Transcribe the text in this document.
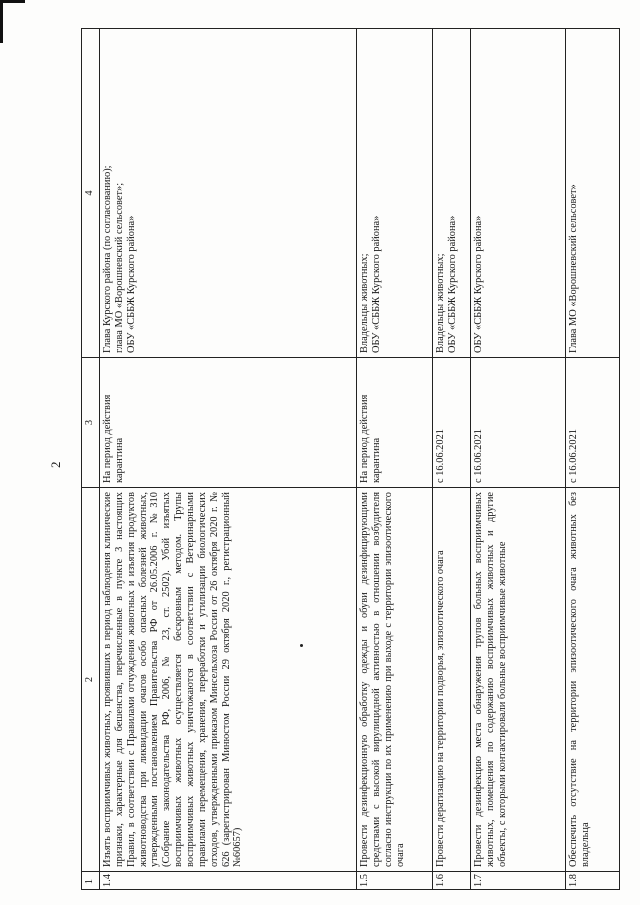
2
1
2
3
4
1.4
Изъять восприимчивых животных, проявивших в период наблюдения клинические признаки, характерные для бешенства, перечисленные в пункте 3 настоящих Правил, в соответствии с Правилами отчуждения животных и изъятия продуктов животноводства при ликвидации очагов особо опасных болезней животных, утвержденными постановлением Правительства РФ от 26.05.2006 г. №310 (Собрание законодательства РФ, 2006, № 23, ст. 2502). Убой изъятых восприимчивых животных осуществляется бескровным методом. Трупы восприимчивых животных уничтожаются в соответствии с Ветеринарными правилами перемещения, хранения, переработки и утилизации биологических отходов, утвержденными приказом Минсельхоза России от 26 октября 2020 г. № 626 (зарегистрирован Минюстом России 29 октября 2020 г., регистрационный №60657)
На период действия карантина

Глава Курского района (по согласованию); глава МО «Ворошневский сельсовет»; ОБУ «СББЖ Курского района»

1.5
Провести дезинфекционную обработку одежды и обуви дезинфицирующими средствами с высокой вирулицидной активностью в отношении возбудителя согласно инструкции по их применению при выходе с территории эпизоотического очага
На период действия карантина

Владельцы животных; ОБУ «СББЖ Курского района»

1.6
Провести дератизацию на территории подворья, эпизоотического очага
с 16.06.2021

Владельцы животных; ОБУ «СББЖ Курского района»

1.7
Провести дезинфекцию места обнаружения трупов больных восприимчивых животных, помещения по содержанию восприимчивых животных и другие объекты, с которыми контактировали больные восприимчивые животные
с 16.06.2021

ОБУ «СББЖ Курского района»

1.8
Обеспечить отсутствие на территории эпизоотического очага животных без владельца
с 16.06.2021

Глава МО «Ворошневский сельсовет»
